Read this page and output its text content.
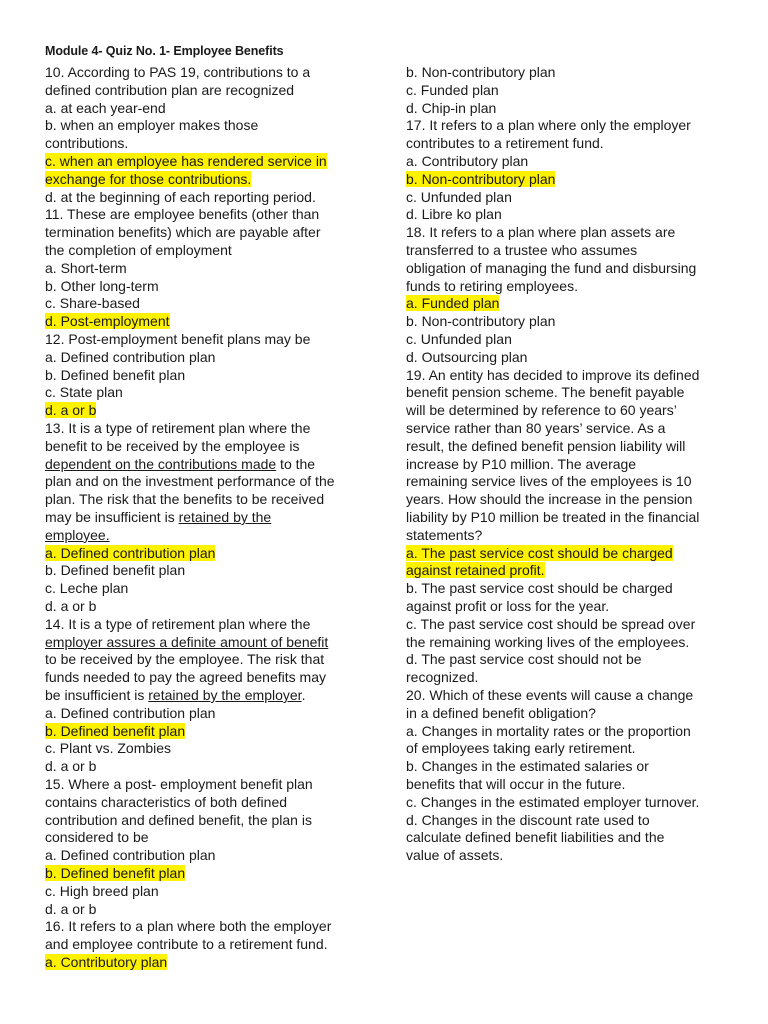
Module 4- Quiz No. 1- Employee Benefits
10. According to PAS 19, contributions to a
defined contribution plan are recognized
a. at each year-end
b. when an employer makes those
contributions.
c. when an employee has rendered service in
exchange for those contributions.
d. at the beginning of each reporting period.
11. These are employee benefits (other than
termination benefits) which are payable after
the completion of employment
a. Short-term
b. Other long-term
c. Share-based
d. Post-employment
12. Post-employment benefit plans may be
a. Defined contribution plan
b. Defined benefit plan
c. State plan
d. a or b
13. It is a type of retirement plan where the
benefit to be received by the employee is
dependent on the contributions made to the
plan and on the investment performance of the
plan. The risk that the benefits to be received
may be insufficient is retained by the
employee.
a. Defined contribution plan
b. Defined benefit plan
c. Leche plan
d. a or b
14. It is a type of retirement plan where the
employer assures a definite amount of benefit
to be received by the employee. The risk that
funds needed to pay the agreed benefits may
be insufficient is retained by the employer.
a. Defined contribution plan
b. Defined benefit plan
c. Plant vs. Zombies
d. a or b
15. Where a post- employment benefit plan
contains characteristics of both defined
contribution and defined benefit, the plan is
considered to be
a. Defined contribution plan
b. Defined benefit plan
c. High breed plan
d. a or b
16. It refers to a plan where both the employer
and employee contribute to a retirement fund.
a. Contributory plan
b. Non-contributory plan
c. Funded plan
d. Chip-in plan
17. It refers to a plan where only the employer
contributes to a retirement fund.
a. Contributory plan
b. Non-contributory plan
c. Unfunded plan
d. Libre ko plan
18. It refers to a plan where plan assets are
transferred to a trustee who assumes
obligation of managing the fund and disbursing
funds to retiring employees.
a. Funded plan
b. Non-contributory plan
c. Unfunded plan
d. Outsourcing plan
19. An entity has decided to improve its defined
benefit pension scheme. The benefit payable
will be determined by reference to 60 years’
service rather than 80 years’ service. As a
result, the defined benefit pension liability will
increase by P10 million. The average
remaining service lives of the employees is 10
years. How should the increase in the pension
liability by P10 million be treated in the financial
statements?
a. The past service cost should be charged
against retained profit.
b. The past service cost should be charged
against profit or loss for the year.
c. The past service cost should be spread over
the remaining working lives of the employees.
d. The past service cost should not be
recognized.
20. Which of these events will cause a change
in a defined benefit obligation?
a. Changes in mortality rates or the proportion
of employees taking early retirement.
b. Changes in the estimated salaries or
benefits that will occur in the future.
c. Changes in the estimated employer turnover.
d. Changes in the discount rate used to
calculate defined benefit liabilities and the
value of assets.
